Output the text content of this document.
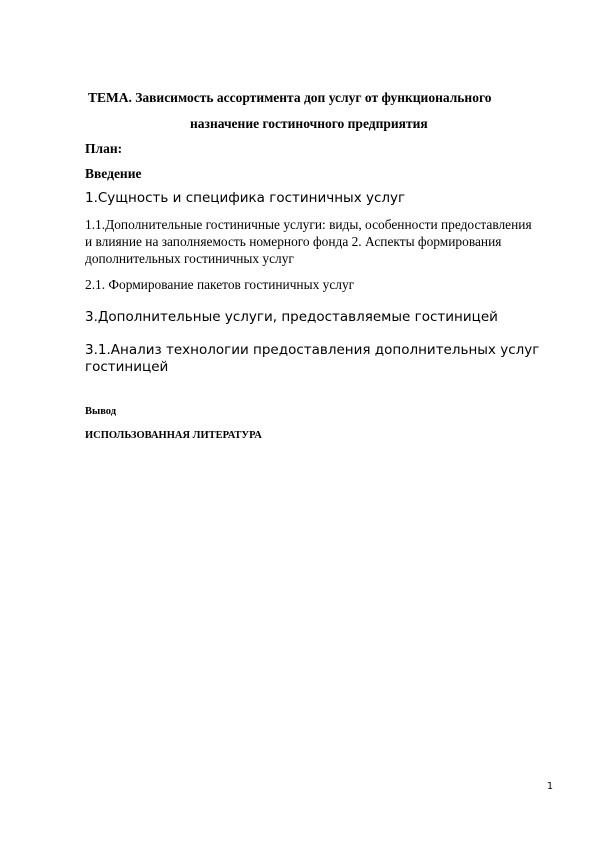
ТЕМА. Зависимость ассортимента доп услуг от функционального
назначение гостиночного предприятия
План:
Введение
1.Сущность и специфика гостиничных услуг
1.1.Дополнительные гостиничные услуги: виды, особенности предоставления
и влияние на заполняемость номерного фонда 2. Аспекты формирования
дополнительных гостиничных услуг
2.1. Формирование пакетов гостиничных услуг
3.Дополнительные услуги, предоставляемые гостиницей
3.1.Анализ технологии предоставления дополнительных услуг
гостиницей
Вывод
ИСПОЛЬЗОВАННАЯ ЛИТЕРАТУРА
1
